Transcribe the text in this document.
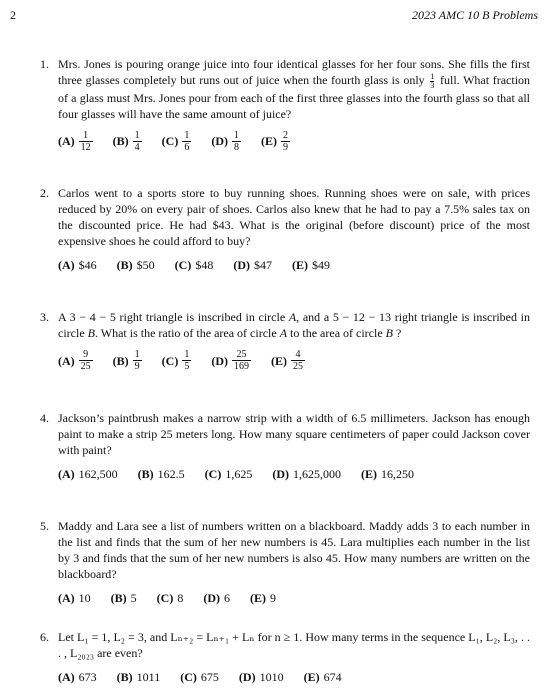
2	2023 AMC 10 B Problems
1. Mrs. Jones is pouring orange juice into four identical glasses for her four sons. She fills the first three glasses completely but runs out of juice when the fourth glass is only $\frac{1}{3}$ full. What fraction of a glass must Mrs. Jones pour from each of the first three glasses into the fourth glass so that all four glasses will have the same amount of juice?
$(A) \frac{1}{12} (B) \frac{1}{4} (C) \frac{1}{6} (D) \frac{1}{8} (E) \frac{2}{9}$
2. Carlos went to a sports store to buy running shoes. Running shoes were on sale, with prices reduced by 20% on every pair of shoes. Carlos also knew that he had to pay a 7.5% sales tax on the discounted price. He had $43. What is the original (before discount) price of the most expensive shoes he could afford to buy?
(A) $46 (B) $50 (C) $48 (D) $47 (E) $49
3. A 3 − 4 − 5 right triangle is inscribed in circle A, and a 5 − 12 − 13 right triangle is inscribed in circle B. What is the ratio of the area of circle A to the area of circle B ?
$(A) \frac{9}{25} (B) \frac{1}{9} (C) \frac{1}{5} (D) \frac{25}{169} (E) \frac{4}{25}$
4. Jackson’s paintbrush makes a narrow strip with a width of 6.5 millimeters. Jackson has enough paint to make a strip 25 meters long. How many square centimeters of paper could Jackson cover with paint?
(A) 162,500 (B) 162.5 (C) 1,625 (D) 1,625,000 (E) 16,250
5. Maddy and Lara see a list of numbers written on a blackboard. Maddy adds 3 to each number in the list and finds that the sum of her new numbers is 45. Lara multiplies each number in the list by 3 and finds that the sum of her new numbers is also 45. How many numbers are written on the blackboard?
(A) 10 (B) 5 (C) 8 (D) 6 (E) 9
6. Let L₁ = 1, L₂ = 3, and Lₙ₊₂ = Lₙ₊₁ + Lₙ for n ≥ 1. How many terms in the sequence L₁, L₂, L₃, . . . , L₂₀₂₃ are even?
(A) 673 (B) 1011 (C) 675 (D) 1010 (E) 674
